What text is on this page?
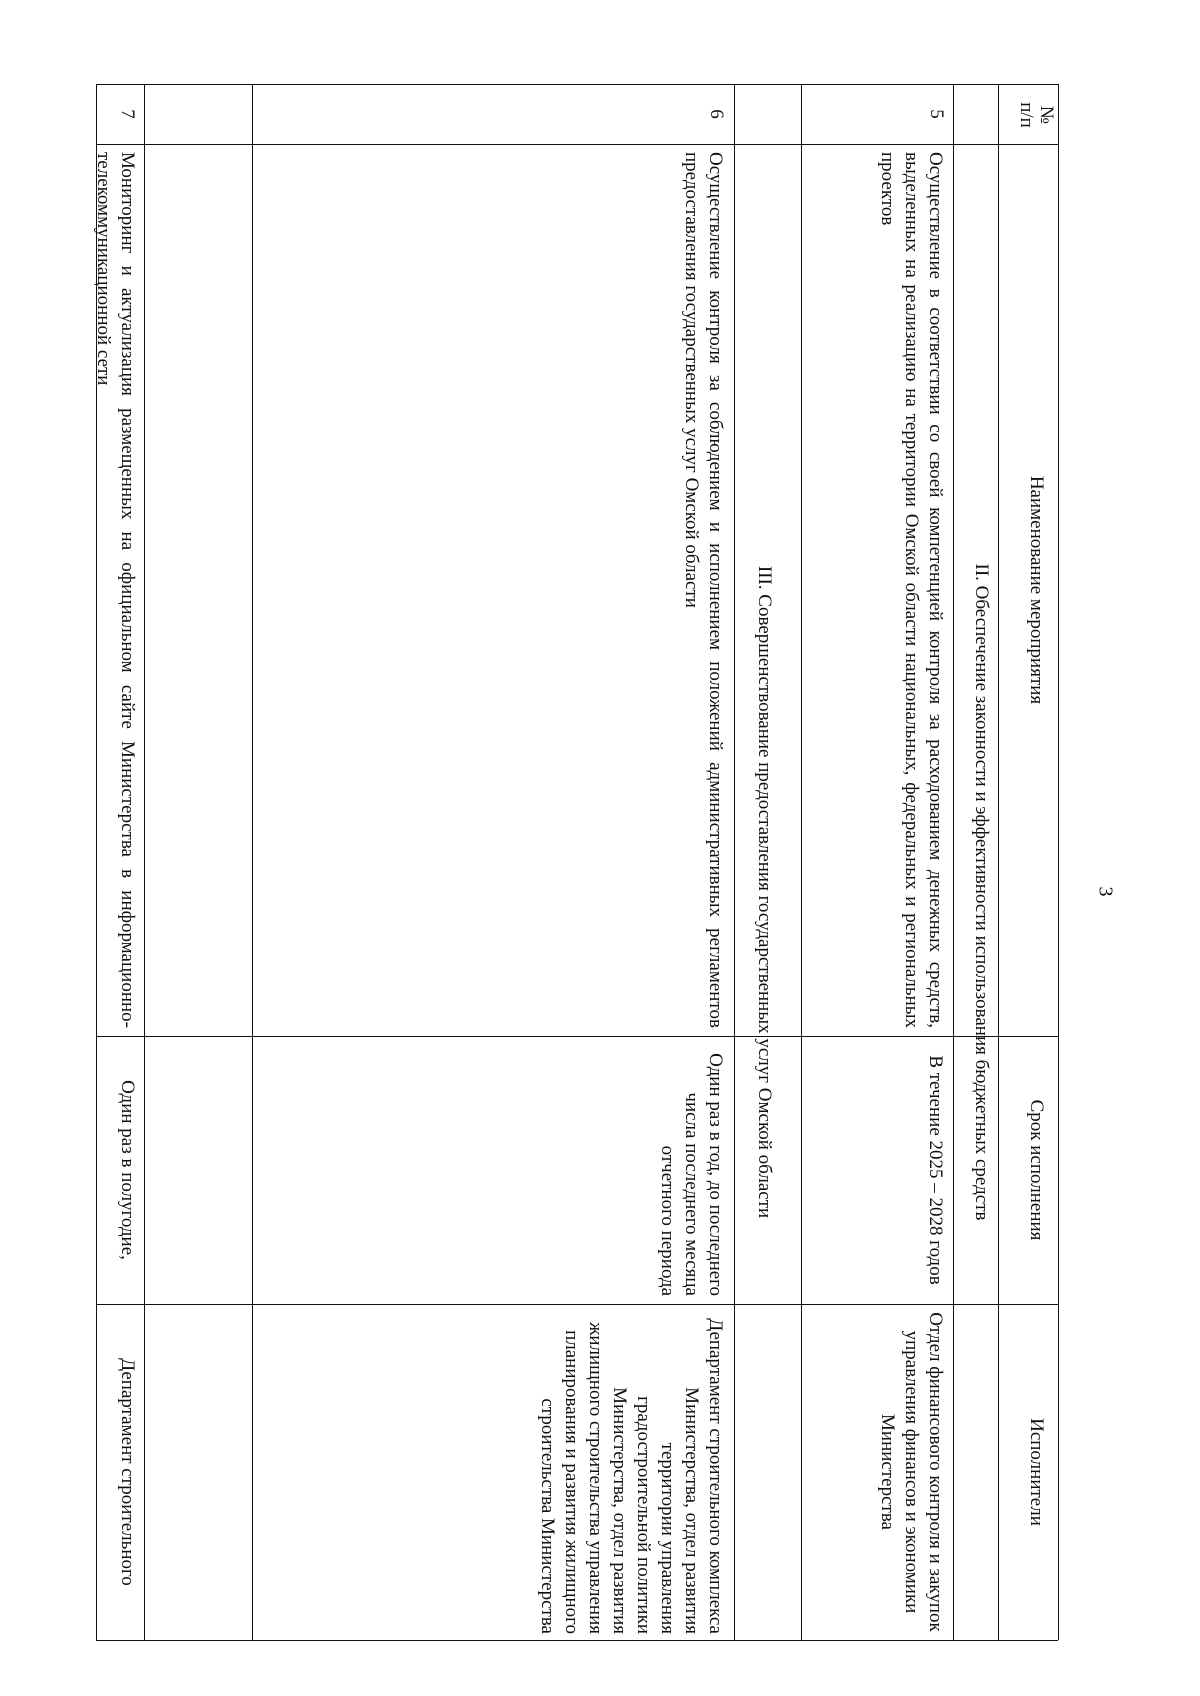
3
№
п/п
Наименование мероприятия
Срок исполнения
Исполнители
II. Обеспечение законности и эффективности использования бюджетных средств
5
Осуществление в соответствии со своей компетенцией контроля за расходованием денежных средств, выделенных на реализацию на территории Омской области национальных, федеральных и региональных проектов
В течение 2025 – 2028 годов
Отдел финансового контроля и закупок управления финансов и экономики Министерства
III. Совершенствование предоставления государственных услуг Омской области
6
Осуществление контроля за соблюдением и исполнением положений административных регламентов предоставления государственных услуг Омской области
Один раз в год, до последнего числа последнего месяца отчетного периода
Департамент строительного комплекса Министерства, отдел развития территории управления градостроительной политики Министерства, отдел развития жилищного строительства управления планирования и развития жилищного строительства Министерства
7
Мониторинг и актуализация размещенных на официальном сайте Министерства в информационно-телекоммуникационной сети
Один раз в полугодие,
Департамент строительного
